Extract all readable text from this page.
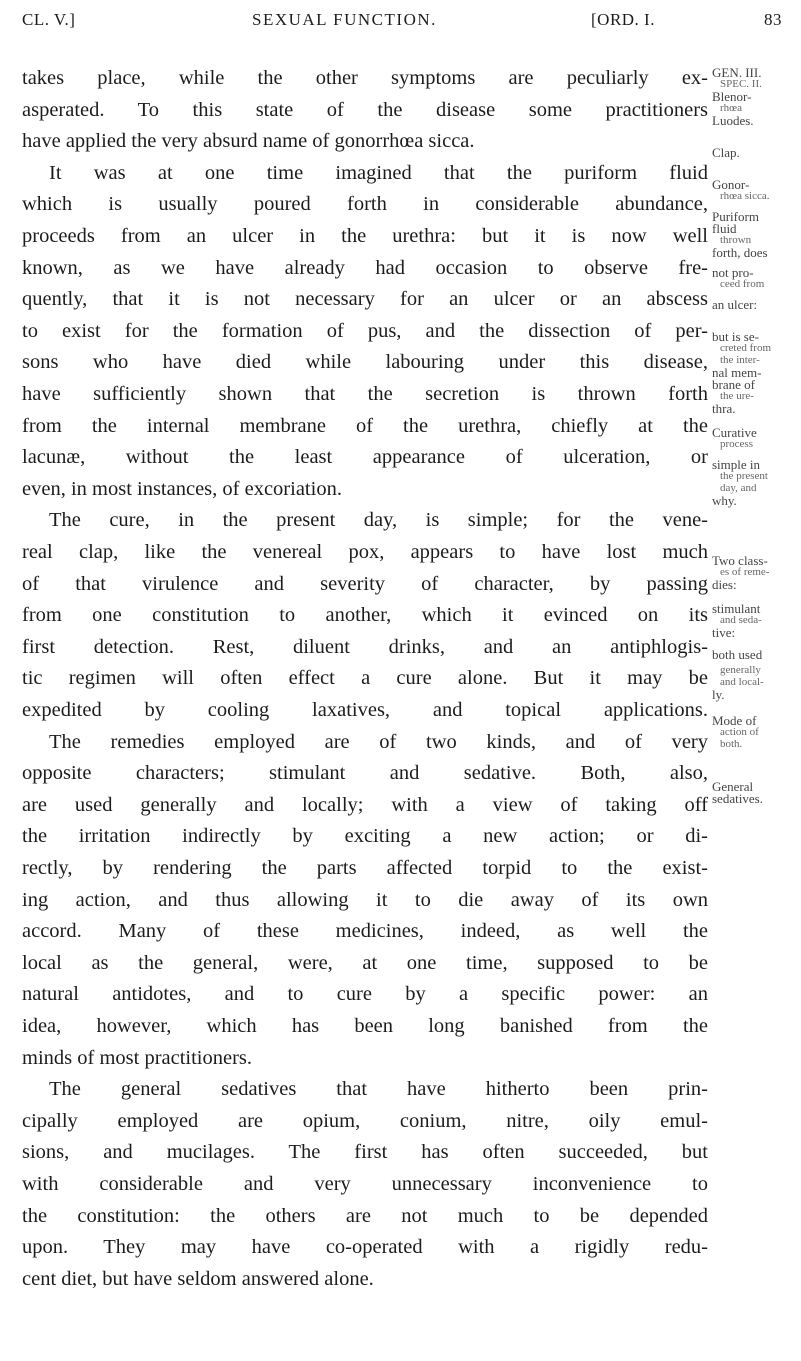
CL. V.]	SEXUAL FUNCTION.	[ORD. I.	83
takes place, while the other symptoms are peculiarly ex-
asperated. To this state of the disease some practitioners
have applied the very absurd name of gonorrhœa sicca.
It was at one time imagined that the puriform fluid
which is usually poured forth in considerable abundance,
proceeds from an ulcer in the urethra: but it is now well
known, as we have already had occasion to observe fre-
quently, that it is not necessary for an ulcer or an abscess
to exist for the formation of pus, and the dissection of per-
sons who have died while labouring under this disease,
have sufficiently shown that the secretion is thrown forth
from the internal membrane of the urethra, chiefly at the
lacunæ, without the least appearance of ulceration, or
even, in most instances, of excoriation.
The cure, in the present day, is simple; for the vene-
real clap, like the venereal pox, appears to have lost much
of that virulence and severity of character, by passing
from one constitution to another, which it evinced on its
first detection. Rest, diluent drinks, and an antiphlogis-
tic regimen will often effect a cure alone. But it may be
expedited by cooling laxatives, and topical applications.
The remedies employed are of two kinds, and of very
opposite characters; stimulant and sedative. Both, also,
are used generally and locally; with a view of taking off
the irritation indirectly by exciting a new action; or di-
rectly, by rendering the parts affected torpid to the exist-
ing action, and thus allowing it to die away of its own
accord. Many of these medicines, indeed, as well the
local as the general, were, at one time, supposed to be
natural antidotes, and to cure by a specific power: an
idea, however, which has been long banished from the
minds of most practitioners.
The general sedatives that have hitherto been prin-
cipally employed are opium, conium, nitre, oily emul-
sions, and mucilages. The first has often succeeded, but
with considerable and very unnecessary inconvenience to
the constitution: the others are not much to be depended
upon. They may have co-operated with a rigidly redu-
cent diet, but have seldom answered alone.
GEN. III.
SPEC. II.
Blenor-
rhœa
Luodes.
Clap.
Gonor-
rhœa sicca.
Puriform
fluid
thrown
forth, does
not pro-
ceed from
an ulcer:
but is se-
creted from
the inter-
nal mem-
brane of
the ure-
thra.
Curative
process
simple in
the present
day, and
why.
Two class-
es of reme-
dies:
stimulant
and seda-
tive:
both used
generally
and local-
ly.
Mode of
action of
both.
General
sedatives.
